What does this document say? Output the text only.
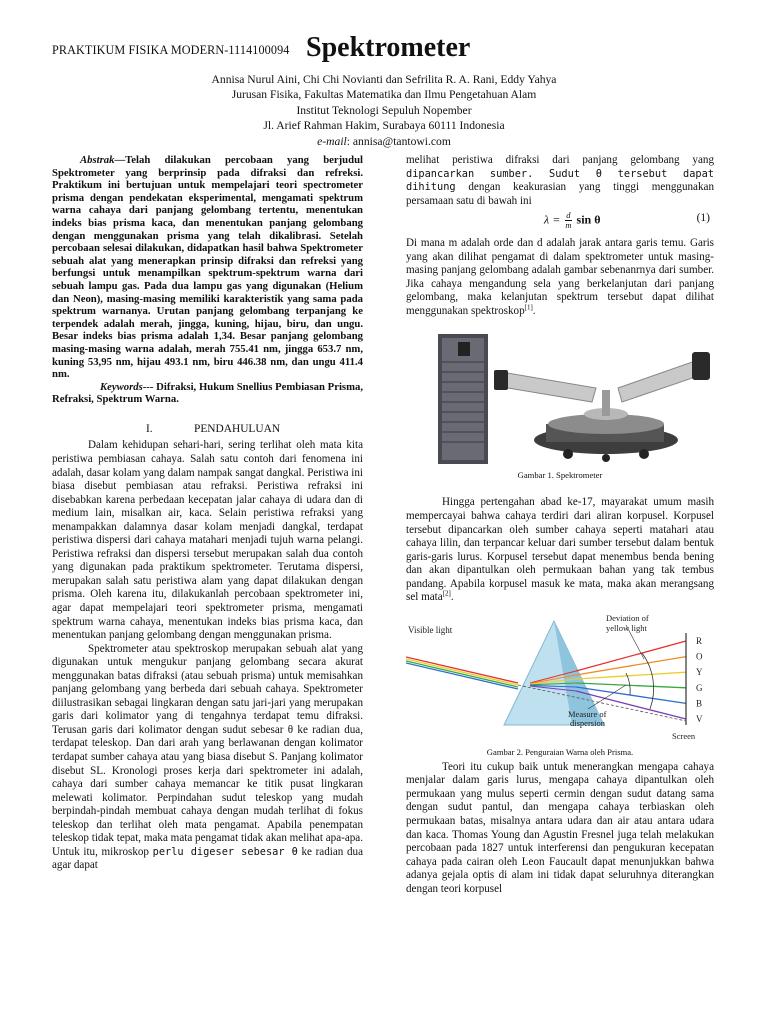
PRAKTIKUM FISIKA MODERN-1114100094 Spektrometer
Annisa Nurul Aini, Chi Chi Novianti dan Sefrilita R. A. Rani, Eddy Yahya
Jurusan Fisika, Fakultas Matematika dan Ilmu Pengetahuan Alam
Institut Teknologi Sepuluh Nopember
Jl. Arief Rahman Hakim, Surabaya 60111 Indonesia
e-mail: annisa@tantowi.com

Abstrak—Telah dilakukan percobaan yang berjudul Spektrometer yang berprinsip pada difraksi dan refreksi. Praktikum ini bertujuan untuk mempelajari teori spectrometer prisma dengan pendekatan eksperimental, mengamati spektrum warna cahaya dari panjang gelombang tertentu, menentukan indeks bias prisma kaca, dan menentukan panjang gelombang dengan menggunakan prisma yang telah dikalibrasi. Setelah percobaan selesai dilakukan, didapatkan hasil bahwa Spektrometer sebuah alat yang menerapkan prinsip difraksi dan refreksi yang berfungsi untuk menampilkan spektrum-spektrum warna dari sebuah lampu gas. Pada dua lampu gas yang digunakan (Helium dan Neon), masing-masing memiliki karakteristik yang sama pada spektrum warnanya. Urutan panjang gelombang terpanjang ke terpendek adalah merah, jingga, kuning, hijau, biru, dan ungu. Besar indeks bias prisma adalah 1,34. Besar panjang gelombang masing-masing warna adalah, merah 755.41 nm, jingga 653.7 nm, kuning 53,95 nm, hijau 493.1 nm, biru 446.38 nm, dan ungu 411.4 nm.

Keywords--- Difraksi, Hukum Snellius Pembiasan Prisma, Refraksi, Spektrum Warna.

I.	PENDAHULUAN

Dalam kehidupan sehari-hari, sering terlihat oleh mata kita peristiwa pembiasan cahaya. Salah satu contoh dari fenomena ini adalah, dasar kolam yang dalam nampak sangat dangkal. Peristiwa ini biasa disebut pembiasan atau refraksi. Peristiwa refraksi ini disebabkan karena perbedaan kecepatan jalar cahaya di udara dan di medium lain, misalkan air, kaca. Selain peristiwa refraksi yang menampakkan dalamnya dasar kolam menjadi dangkal, terdapat peristiwa dispersi dari cahaya matahari menjadi tujuh warna pelangi. Peristiwa refraksi dan dispersi tersebut merupakan salah dua contoh yang digunakan pada praktikum spektrometer. Terutama dispersi, merupakan salah satu peristiwa alam yang dapat dilakukan dengan prisma. Oleh karena itu, dilakukanlah percobaan spektrometer ini, agar dapat mempelajari teori spektrometer prisma, mengamati spektrum warna cahaya, menentukan indeks bias prisma kaca, dan menentukan panjang gelombang dengan menggunakan prisma.

Spektrometer atau spektroskop merupakan sebuah alat yang digunakan untuk mengukur panjang gelombang secara akurat menggunakan batas difraksi (atau sebuah prisma) untuk memisahkan panjang gelombang yang berbeda dari sebuah cahaya. Spektrometer diilustrasikan sebagai lingkaran dengan satu jari-jari yang merupakan garis dari kolimator yang di tengahnya terdapat temu difraksi. Terusan garis dari kolimator dengan sudut sebesar θ ke radian dua, terdapat teleskop. Dan dari arah yang berlawanan dengan kolimator terdapat sumber cahaya atau yang biasa disebut S. Panjang kolimator disebut SL. Kronologi proses kerja dari spektrometer ini adalah, cahaya dari sumber cahaya memancar ke titik pusat lingkaran melewati kolimator. Perpindahan sudut teleskop yang mudah berpindah-pindah membuat cahaya dengan mudah terlihat di fokus teleskop dan terlihat oleh mata pengamat. Apabila penempatan teleskop tidak tepat, maka mata pengamat tidak akan melihat apa-apa. Untuk itu, mikroskop perlu digeser sebesar θ ke radian dua agar dapat

melihat peristiwa difraksi dari panjang gelombang yang dipancarkan sumber. Sudut θ tersebut dapat dihitung dengan keakurasian yang tinggi menggunakan persamaan satu di bawah ini

$\lambda = \frac{d}{m}$ sin θ	(1)

Di mana m adalah orde dan d adalah jarak antara garis temu. Garis yang akan dilihat pengamat di dalam spektrometer untuk masing-masing panjang gelombang adalah gambar sebenanrnya dari sumber. Jika cahaya mengandung sela yang berkelanjutan dari panjang gelombang, maka kelanjutan spektrum tersebut dapat dilihat menggunakan spektroskop[1].

Gambar 1. Spektrometer

Hingga pertengahan abad ke-17, mayarakat umum masih mempercayai bahwa cahaya terdiri dari aliran korpusel. Korpusel tersebut dipancarkan oleh sumber cahaya seperti matahari atau cahaya lilin, dan terpancar keluar dari sumber tersebut dalam bentuk garis-garis lurus. Korpusel tersebut dapat menembus benda bening dan akan dipantulkan oleh permukaan bahan yang tak tembus pandang. Apabila korpusel masuk ke mata, maka akan merangsang sel mata[2].

Visible light
Deviation of
yellow light
Measure of
dispersion
Screen
R
O
Y
G
B
V
Gambar 2. Penguraian Warna oleh Prisma.

Teori itu cukup baik untuk menerangkan mengapa cahaya menjalar dalam garis lurus, mengapa cahaya dipantulkan oleh permukaan yang mulus seperti cermin dengan sudut datang sama dengan sudut pantul, dan mengapa cahaya terbiaskan oleh permukaan batas, misalnya antara udara dan air atau antara udara dan kaca. Thomas Young dan Agustin Fresnel juga telah melakukan percobaan pada 1827 untuk interferensi dan pengukuran kecepatan cahaya pada cairan oleh Leon Faucault dapat menunjukkan bahwa adanya gejala optis di alam ini tidak dapat seluruhnya diterangkan dengan teori korpusel
